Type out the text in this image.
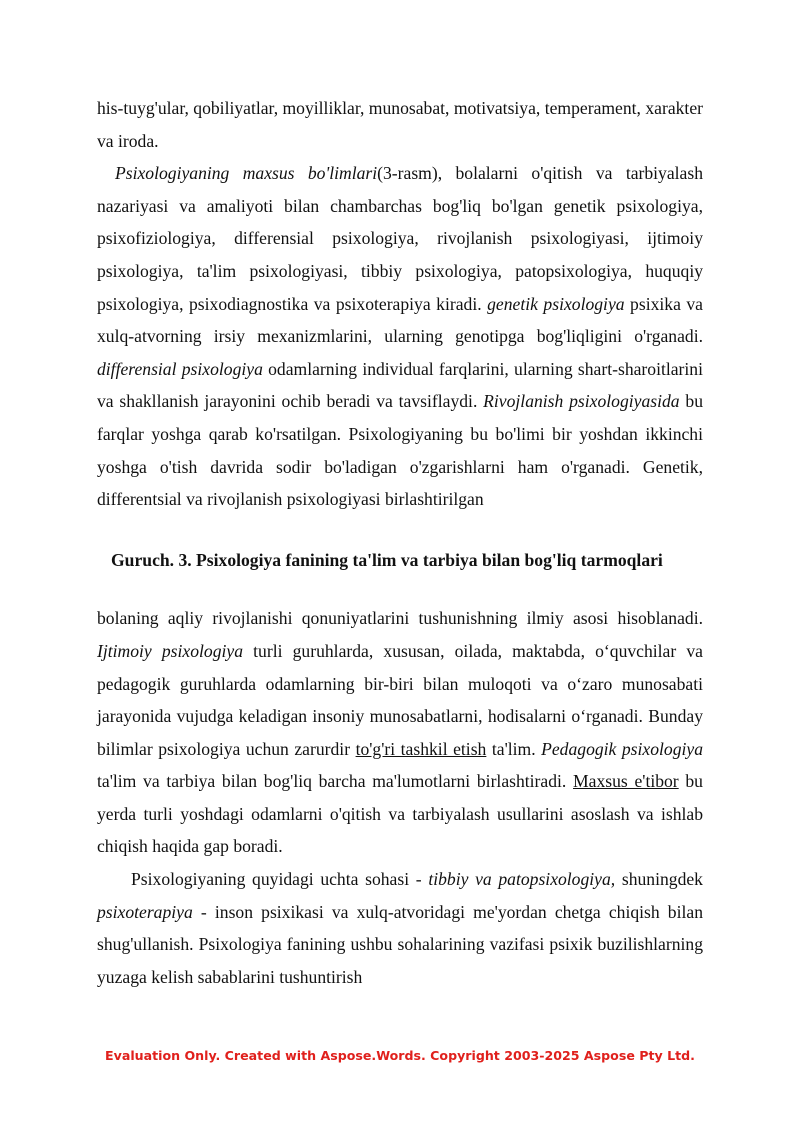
his-tuyg'ular, qobiliyatlar, moyilliklar, munosabat, motivatsiya, temperament, xarakter va iroda.

Psixologiyaning maxsus bo'limlari(3-rasm), bolalarni o'qitish va tarbiyalash nazariyasi va amaliyoti bilan chambarchas bog'liq bo'lgan genetik psixologiya, psixofiziologiya, differensial psixologiya, rivojlanish psixologiyasi, ijtimoiy psixologiya, ta'lim psixologiyasi, tibbiy psixologiya, patopsixologiya, huquqiy psixologiya, psixodiagnostika va psixoterapiya kiradi. genetik psixologiya psixika va xulq-atvorning irsiy mexanizmlarini, ularning genotipga bog'liqligini o'rganadi. differensial psixologiya odamlarning individual farqlarini, ularning shart-sharoitlarini va shakllanish jarayonini ochib beradi va tavsiflaydi. Rivojlanish psixologiyasida bu farqlar yoshga qarab ko'rsatilgan. Psixologiyaning bu bo'limi bir yoshdan ikkinchi yoshga o'tish davrida sodir bo'ladigan o'zgarishlarni ham o'rganadi. Genetik, differentsial va rivojlanish psixologiyasi birlashtirilgan

Guruch. 3. Psixologiya fanining ta'lim va tarbiya bilan bog'liq tarmoqlari

bolaning aqliy rivojlanishi qonuniyatlarini tushunishning ilmiy asosi hisoblanadi. Ijtimoiy psixologiya turli guruhlarda, xususan, oilada, maktabda, o‘quvchilar va pedagogik guruhlarda odamlarning bir-biri bilan muloqoti va o‘zaro munosabati jarayonida vujudga keladigan insoniy munosabatlarni, hodisalarni o‘rganadi. Bunday bilimlar psixologiya uchun zarurdir to'g'ri tashkil etish ta'lim. Pedagogik psixologiya ta'lim va tarbiya bilan bog'liq barcha ma'lumotlarni birlashtiradi. Maxsus e'tibor bu yerda turli yoshdagi odamlarni o'qitish va tarbiyalash usullarini asoslash va ishlab chiqish haqida gap boradi.

Psixologiyaning quyidagi uchta sohasi - tibbiy va patopsixologiya, shuningdek psixoterapiya - inson psixikasi va xulq-atvoridagi me'yordan chetga chiqish bilan shug'ullanish. Psixologiya fanining ushbu sohalarining vazifasi psixik buzilishlarning yuzaga kelish sabablarini tushuntirish

Evaluation Only. Created with Aspose.Words. Copyright 2003-2025 Aspose Pty Ltd.
